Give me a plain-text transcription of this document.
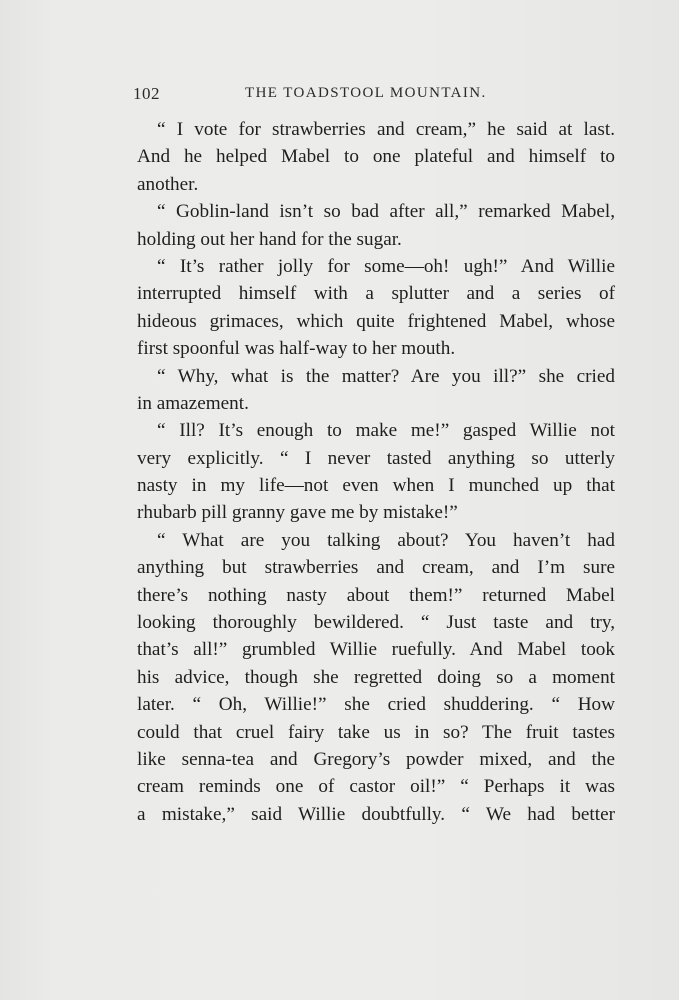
102	THE TOADSTOOL MOUNTAIN.
“ I vote for strawberries and cream,” he said at last.
And he helped Mabel to one plateful and himself to
another.
“ Goblin-land isn’t so bad after all,” remarked Mabel,
holding out her hand for the sugar.
“ It’s rather jolly for some—oh! ugh!” And Willie
interrupted himself with a splutter and a series of
hideous grimaces, which quite frightened Mabel, whose
first spoonful was half-way to her mouth.
“ Why, what is the matter? Are you ill?” she cried
in amazement.
“ Ill? It’s enough to make me!” gasped Willie not
very explicitly. “ I never tasted anything so utterly
nasty in my life—not even when I munched up that
rhubarb pill granny gave me by mistake!”
“ What are you talking about? You haven’t had
anything but strawberries and cream, and I’m sure
there’s nothing nasty about them!” returned Mabel
looking thoroughly bewildered. “ Just taste and try,
that’s all!” grumbled Willie ruefully. And Mabel took
his advice, though she regretted doing so a moment
later. “ Oh, Willie!” she cried shuddering. “ How
could that cruel fairy take us in so? The fruit tastes
like senna-tea and Gregory’s powder mixed, and the
cream reminds one of castor oil!” “ Perhaps it was
a mistake,” said Willie doubtfully. “ We had better
